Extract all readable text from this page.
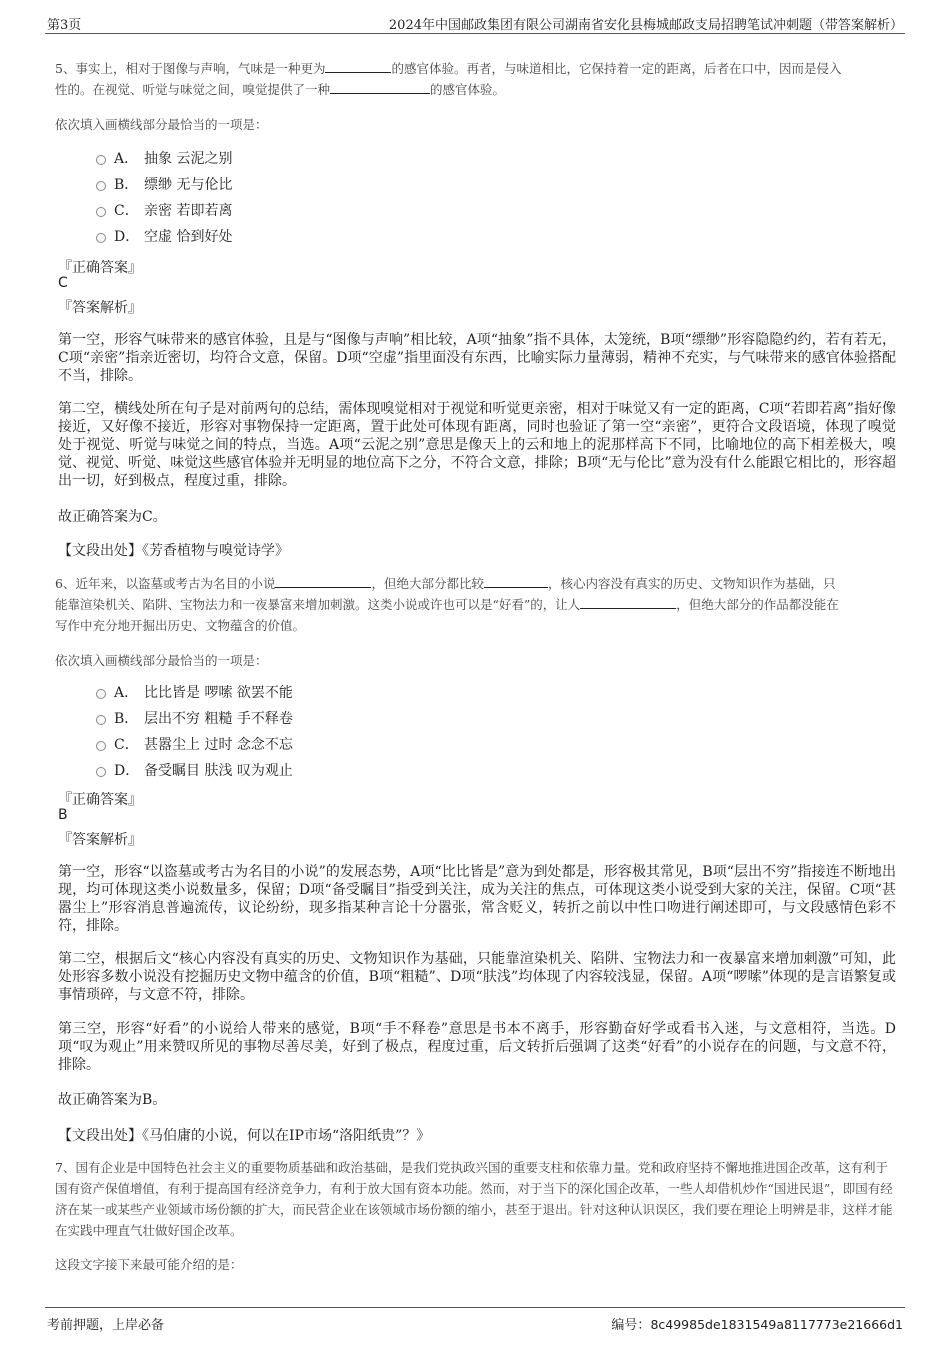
第3页	2024年中国邮政集团有限公司湖南省安化县梅城邮政支局招聘笔试冲刺题（带答案解析）
5、事实上，相对于图像与声响，气味是一种更为	的感官体验。再者，与味道相比，它保持着一定的距离，后者在口中，因而是侵入
性的。在视觉、听觉与味觉之间，嗅觉提供了一种	的感官体验。
依次填入画横线部分最恰当的一项是：
A． 抽象 云泥之别
B． 缥缈 无与伦比
C． 亲密 若即若离
D． 空虚 恰到好处
『正确答案』
C
『答案解析』
第一空，形容气味带来的感官体验，且是与“图像与声响”相比较，A项“抽象”指不具体，太笼统，B项“缥缈”形容隐隐约约，若有若无，C项“亲密”指亲近密切，均符合文意，保留。D项“空虚”指里面没有东西，比喻实际力量薄弱，精神不充实，与气味带来的感官体验搭配不当，排除。
第二空，横线处所在句子是对前两句的总结，需体现嗅觉相对于视觉和听觉更亲密，相对于味觉又有一定的距离，C项“若即若离”指好像接近，又好像不接近，形容对事物保持一定距离，置于此处可体现有距离，同时也验证了第一空“亲密”，更符合文段语境，体现了嗅觉处于视觉、听觉与味觉之间的特点，当选。A项“云泥之别”意思是像天上的云和地上的泥那样高下不同，比喻地位的高下相差极大，嗅觉、视觉、听觉、味觉这些感官体验并无明显的地位高下之分，不符合文意，排除；B项“无与伦比”意为没有什么能跟它相比的，形容超出一切，好到极点，程度过重，排除。
故正确答案为C。
【文段出处】《芳香植物与嗅觉诗学》
6、近年来，以盗墓或考古为名目的小说	，但绝大部分都比较	，核心内容没有真实的历史、文物知识作为基础，只
能靠渲染机关、陷阱、宝物法力和一夜暴富来增加刺激。这类小说或许也可以是“好看”的，让人	，但绝大部分的作品都没能在
写作中充分地开掘出历史、文物蕴含的价值。
依次填入画横线部分最恰当的一项是：
A． 比比皆是 啰嗦 欲罢不能
B． 层出不穷 粗糙 手不释卷
C． 甚嚣尘上 过时 念念不忘
D． 备受瞩目 肤浅 叹为观止
『正确答案』
B
『答案解析』
第一空，形容“以盗墓或考古为名目的小说”的发展态势，A项“比比皆是”意为到处都是，形容极其常见，B项“层出不穷”指接连不断地出现，均可体现这类小说数量多，保留；D项“备受瞩目”指受到关注，成为关注的焦点，可体现这类小说受到大家的关注，保留。C项“甚嚣尘上”形容消息普遍流传，议论纷纷，现多指某种言论十分嚣张，常含贬义，转折之前以中性口吻进行阐述即可，与文段感情色彩不符，排除。
第二空，根据后文“核心内容没有真实的历史、文物知识作为基础，只能靠渲染机关、陷阱、宝物法力和一夜暴富来增加刺激”可知，此处形容多数小说没有挖掘历史文物中蕴含的价值，B项“粗糙”、D项“肤浅”均体现了内容较浅显，保留。A项“啰嗦”体现的是言语繁复或事情琐碎，与文意不符，排除。
第三空，形容“好看”的小说给人带来的感觉，B项“手不释卷”意思是书本不离手，形容勤奋好学或看书入迷，与文意相符，当选。D项“叹为观止”用来赞叹所见的事物尽善尽美，好到了极点，程度过重，后文转折后强调了这类“好看”的小说存在的问题，与文意不符，排除。
故正确答案为B。
【文段出处】《马伯庸的小说，何以在IP市场“洛阳纸贵”？》
7、国有企业是中国特色社会主义的重要物质基础和政治基础，是我们党执政兴国的重要支柱和依靠力量。党和政府坚持不懈地推进国企改革，这有利于国有资产保值增值，有利于提高国有经济竞争力，有利于放大国有资本功能。然而，对于当下的深化国企改革，一些人却借机炒作“国进民退”，即国有经济在某一或某些产业领域市场份额的扩大，而民营企业在该领域市场份额的缩小，甚至于退出。针对这种认识误区，我们要在理论上明辨是非，这样才能在实践中理直气壮做好国企改革。
这段文字接下来最可能介绍的是：
考前押题，上岸必备	编号：8c49985de1831549a8117773e21666d1
